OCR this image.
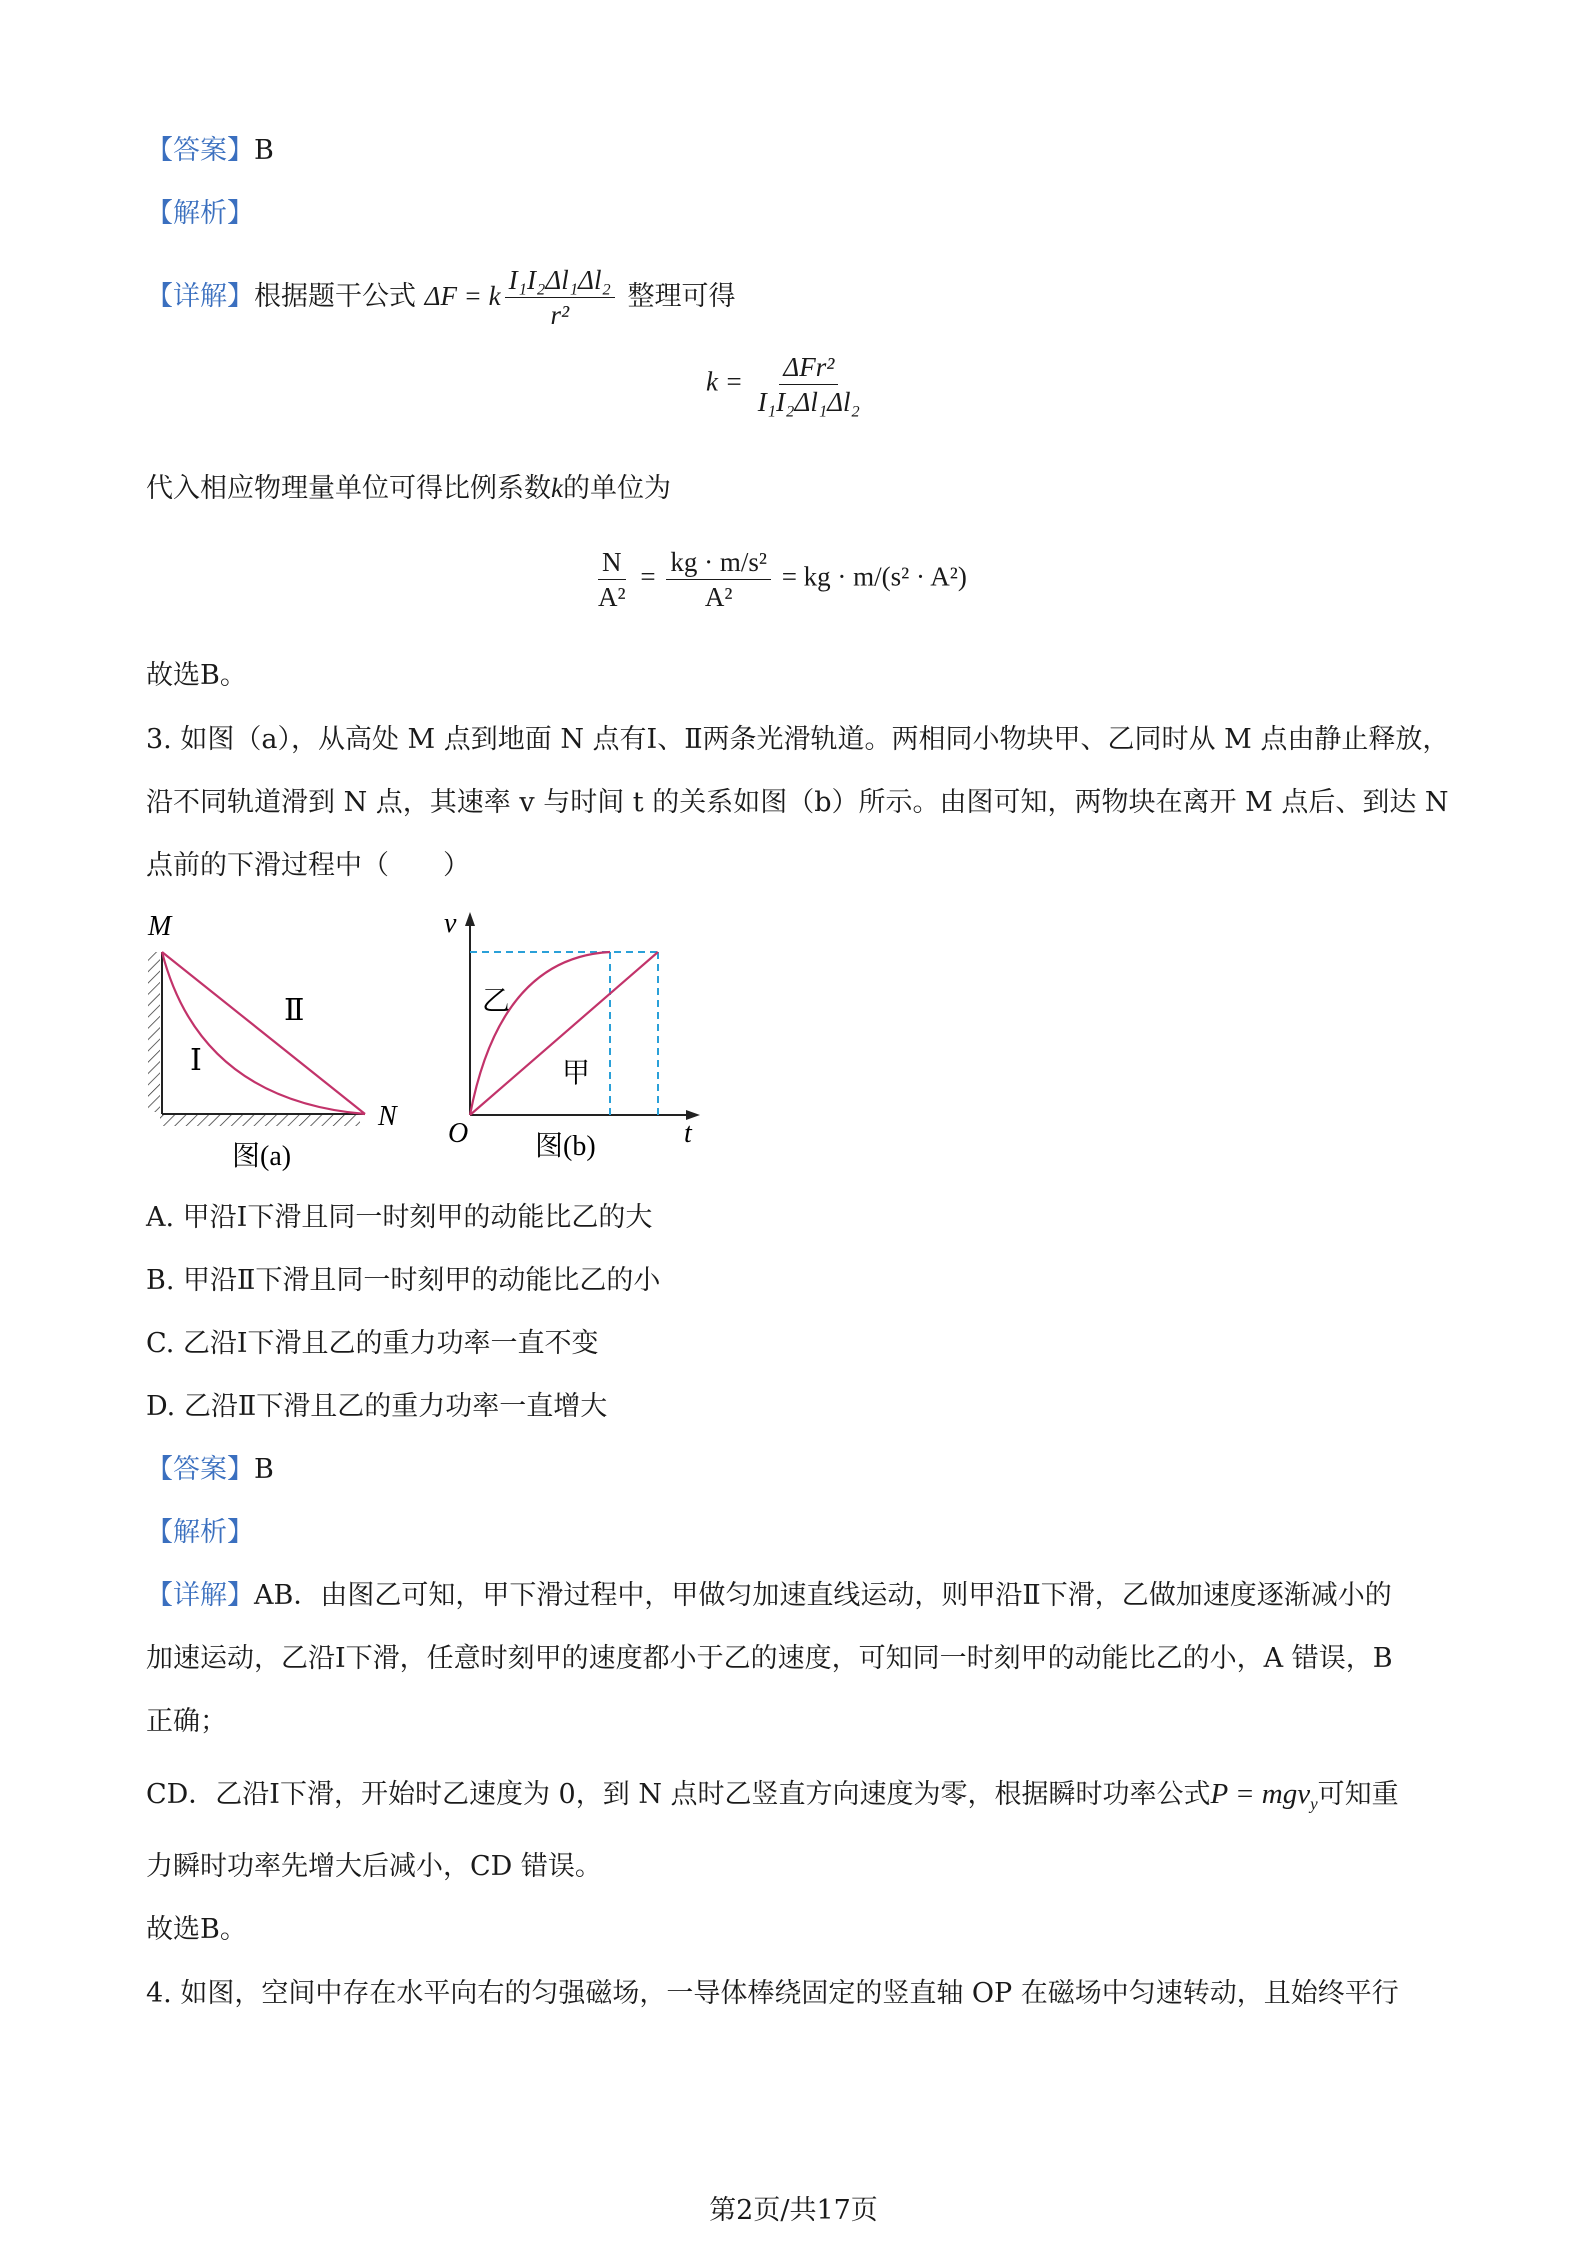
【答案】B
【解析】
【详解】根据题干公式 ΔF = k $\frac{\text{I₁I₂Δl₁Δl₂}}{\text{r²}}$ 整理可得
$k = \frac{\text{ΔFr²}}{\text{I₁I₂Δl₁Δl₂}}$
代入相应物理量单位可得比例系数k的单位为
$\frac{N}{\text{A²}} = \frac{\text{kg · m/s²}}{\text{A²}}$ = kg · m/(s² · A²)
故选B。
3. 如图（a），从高处 M 点到地面 N 点有Ⅰ、Ⅱ两条光滑轨道。两相同小物块甲、乙同时从 M 点由静止释放，
沿不同轨道滑到 N 点，其速率 v 与时间 t 的关系如图（b）所示。由图可知，两物块在离开 M 点后、到达 N
点前的下滑过程中（　　）
M
N
Ⅰ
Ⅱ
图(a)
v
t
O
乙
甲
图(b)
A. 甲沿Ⅰ下滑且同一时刻甲的动能比乙的大
B. 甲沿Ⅱ下滑且同一时刻甲的动能比乙的小
C. 乙沿Ⅰ下滑且乙的重力功率一直不变
D. 乙沿Ⅱ下滑且乙的重力功率一直增大
【答案】B
【解析】
【详解】AB．由图乙可知，甲下滑过程中，甲做匀加速直线运动，则甲沿Ⅱ下滑，乙做加速度逐渐减小的
加速运动，乙沿Ⅰ下滑，任意时刻甲的速度都小于乙的速度，可知同一时刻甲的动能比乙的小，A 错误，B
正确；
CD．乙沿Ⅰ下滑，开始时乙速度为 0，到 N 点时乙竖直方向速度为零，根据瞬时功率公式P = mgv$_y$可知重
力瞬时功率先增大后减小，CD 错误。
故选B。
4. 如图，空间中存在水平向右的匀强磁场，一导体棒绕固定的竖直轴 OP 在磁场中匀速转动，且始终平行
第2页/共17页
